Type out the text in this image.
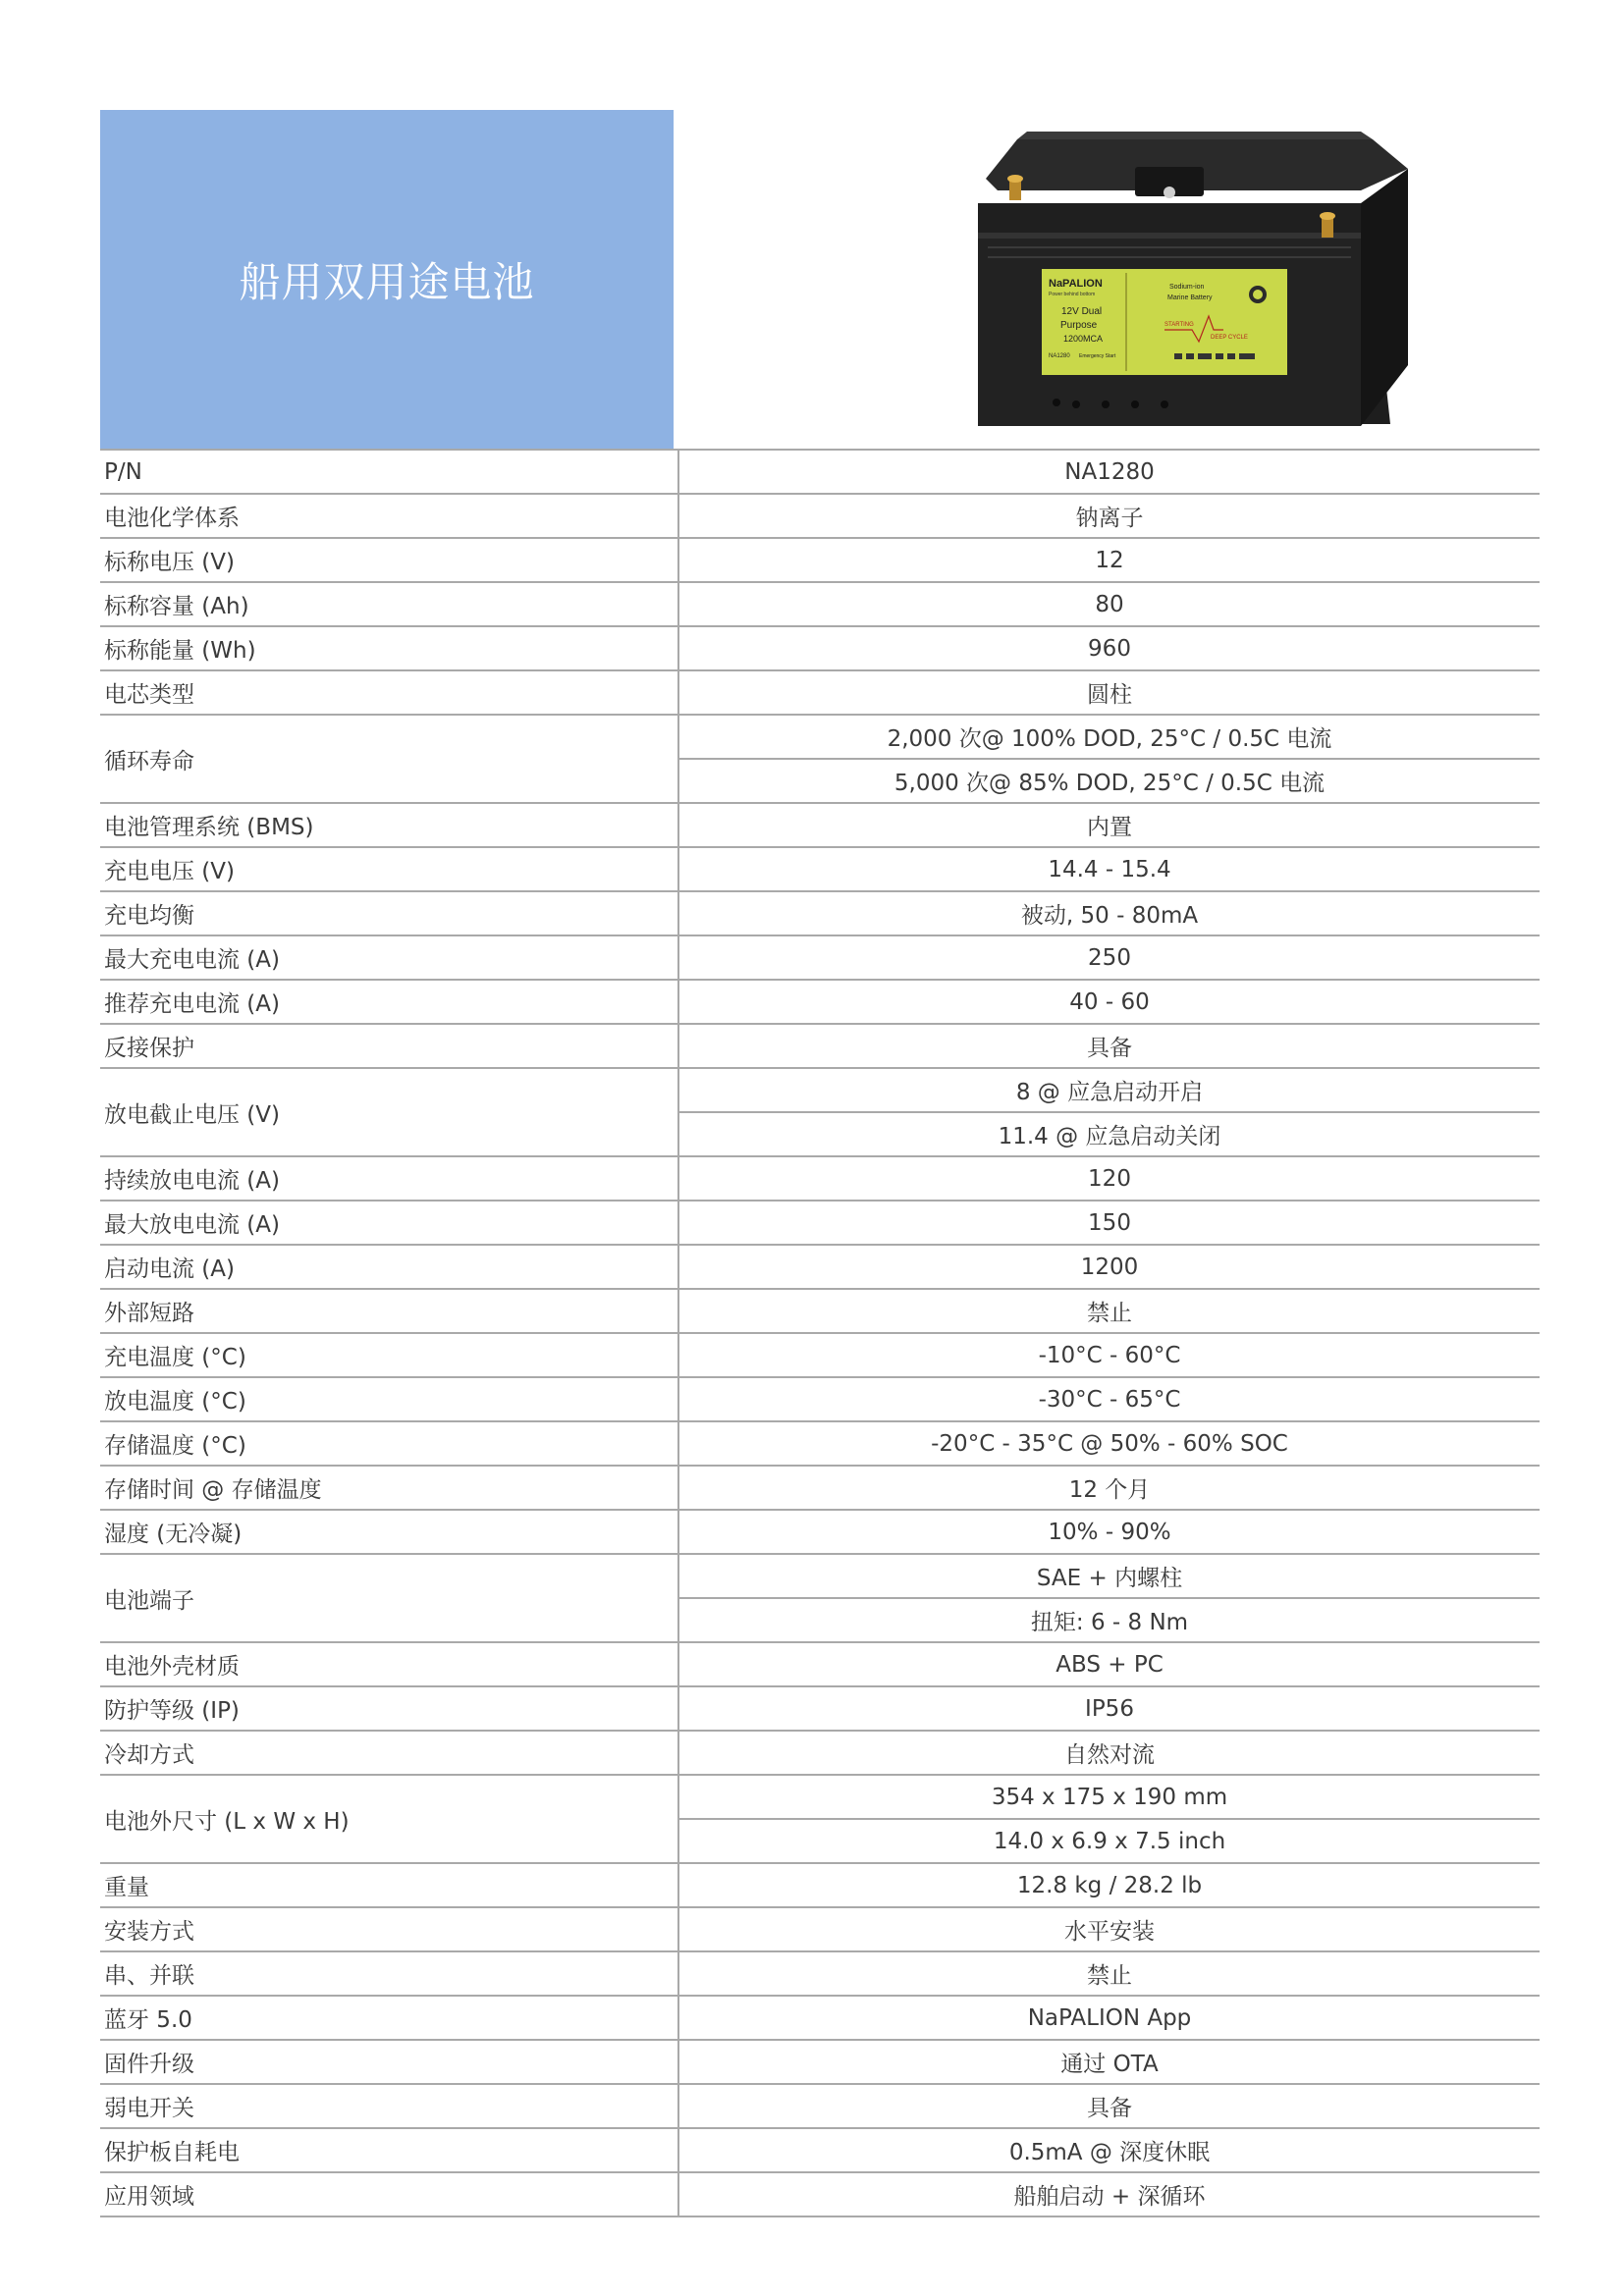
船用双用途电池	NaPALION
Power behind bottom
12V Dual
Purpose
1200MCA
NA1280 Emergency Start
Sodium-ion
Marine Battery
STARTING
DEEP CYCLE
P/N	NA1280
电池化学体系	钠离子
标称电压 (V)	12
标称容量 (Ah)	80
标称能量 (Wh)	960
电芯类型	圆柱
循环寿命	2,000 次@ 100% DOD, 25°C / 0.5C 电流
	5,000 次@ 85% DOD, 25°C / 0.5C 电流
电池管理系统 (BMS)	内置
充电电压 (V)	14.4 - 15.4
充电均衡	被动, 50 - 80mA
最大充电电流 (A)	250
推荐充电电流 (A)	40 - 60
反接保护	具备
放电截止电压 (V)	8 @ 应急启动开启
	11.4 @ 应急启动关闭
持续放电电流 (A)	120
最大放电电流 (A)	150
启动电流 (A)	1200
外部短路	禁止
充电温度 (°C)	-10°C - 60°C
放电温度 (°C)	-30°C - 65°C
存储温度 (°C)	-20°C - 35°C @ 50% - 60% SOC
存储时间 @ 存储温度	12 个月
湿度 (无冷凝)	10% - 90%
电池端子	SAE + 内螺柱
	扭矩: 6 - 8 Nm
电池外壳材质	ABS + PC
防护等级 (IP)	IP56
冷却方式	自然对流
电池外尺寸 (L x W x H)	354 x 175 x 190 mm
	14.0 x 6.9 x 7.5 inch
重量	12.8 kg / 28.2 lb
安装方式	水平安装
串、并联	禁止
蓝牙 5.0	NaPALION App
固件升级	通过 OTA
弱电开关	具备
保护板自耗电	0.5mA @ 深度休眠
应用领域	船舶启动 + 深循环
